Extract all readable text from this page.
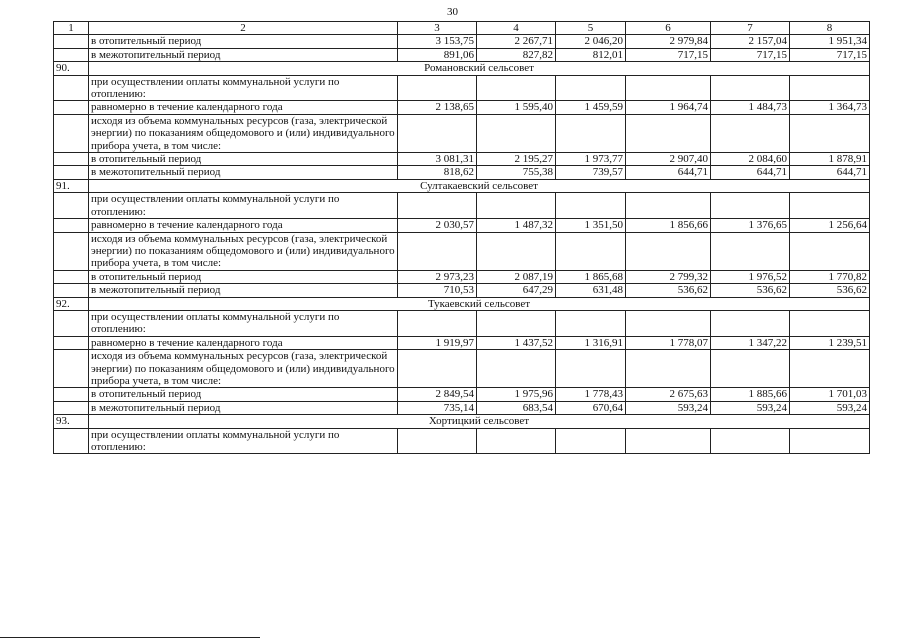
30
1	2	3	4	5	6	7	8
	в отопительный период	3 153,75	2 267,71	2 046,20	2 979,84	2 157,04	1 951,34
	в межотопительный период	891,06	827,82	812,01	717,15	717,15	717,15
90.	Романовский сельсовет						
	при осуществлении оплаты коммунальной услуги по отоплению:						
	равномерно в течение календарного года	2 138,65	1 595,40	1 459,59	1 964,74	1 484,73	1 364,73
	исходя из объема коммунальных ресурсов (газа, электрической энергии) по показаниям общедомового и (или) индивидуального прибора учета, в том числе:						
	в отопительный период	3 081,31	2 195,27	1 973,77	2 907,40	2 084,60	1 878,91
	в межотопительный период	818,62	755,38	739,57	644,71	644,71	644,71
91.	Султакаевский сельсовет						
	при осуществлении оплаты коммунальной услуги по отоплению:						
	равномерно в течение календарного года	2 030,57	1 487,32	1 351,50	1 856,66	1 376,65	1 256,64
	исходя из объема коммунальных ресурсов (газа, электрической энергии) по показаниям общедомового и (или) индивидуального прибора учета, в том числе:						
	в отопительный период	2 973,23	2 087,19	1 865,68	2 799,32	1 976,52	1 770,82
	в межотопительный период	710,53	647,29	631,48	536,62	536,62	536,62
92.	Тукаевский сельсовет						
	при осуществлении оплаты коммунальной услуги по отоплению:						
	равномерно в течение календарного года	1 919,97	1 437,52	1 316,91	1 778,07	1 347,22	1 239,51
	исходя из объема коммунальных ресурсов (газа, электрической энергии) по показаниям общедомового и (или) индивидуального прибора учета, в том числе:						
	в отопительный период	2 849,54	1 975,96	1 778,43	2 675,63	1 885,66	1 701,03
	в межотопительный период	735,14	683,54	670,64	593,24	593,24	593,24
93.	Хортицкий сельсовет						
	при осуществлении оплаты коммунальной услуги по отоплению:						
